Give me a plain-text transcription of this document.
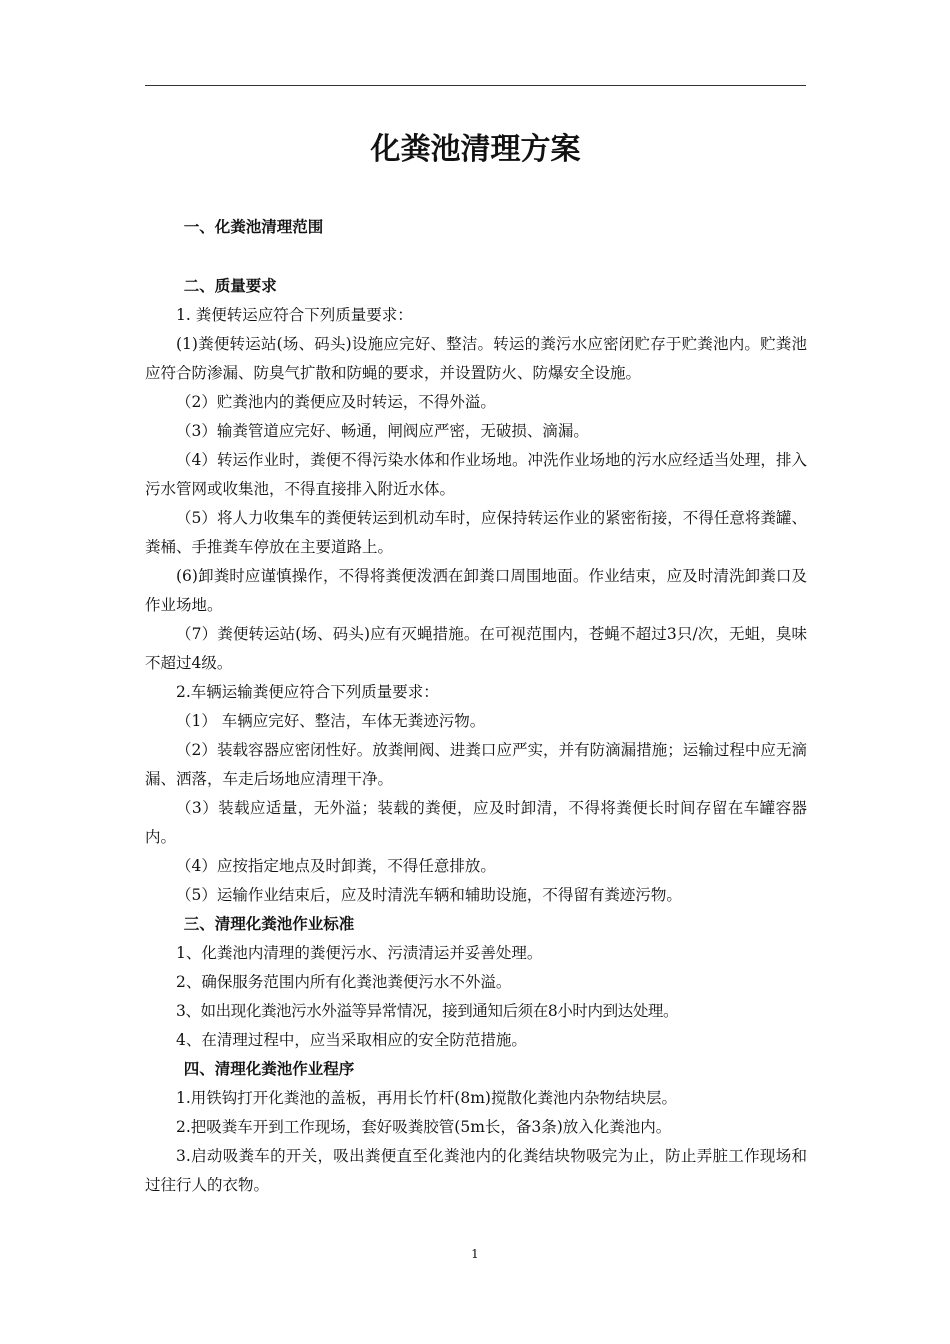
化粪池清理方案

一、化粪池清理范围

二、质量要求

1. 粪便转运应符合下列质量要求：

(1)粪便转运站(场、码头)设施应完好、整洁。转运的粪污水应密闭贮存于贮粪池内。贮粪池应符合防渗漏、防臭气扩散和防蝇的要求，并设置防火、防爆安全设施。

（2）贮粪池内的粪便应及时转运，不得外溢。

（3）输粪管道应完好、畅通，闸阀应严密，无破损、滴漏。

（4）转运作业时，粪便不得污染水体和作业场地。冲洗作业场地的污水应经适当处理，排入污水管网或收集池，不得直接排入附近水体。

（5）将人力收集车的粪便转运到机动车时，应保持转运作业的紧密衔接，不得任意将粪罐、粪桶、手推粪车停放在主要道路上。

(6)卸粪时应谨慎操作，不得将粪便泼洒在卸粪口周围地面。作业结束，应及时清洗卸粪口及作业场地。

（7）粪便转运站(场、码头)应有灭蝇措施。在可视范围内，苍蝇不超过3只/次，无蛆，臭味不超过4级。

2.车辆运输粪便应符合下列质量要求：

（1） 车辆应完好、整洁，车体无粪迹污物。

（2）装载容器应密闭性好。放粪闸阀、进粪口应严实，并有防滴漏措施；运输过程中应无滴漏、洒落，车走后场地应清理干净。

（3）装载应适量，无外溢；装载的粪便，应及时卸清，不得将粪便长时间存留在车罐容器内。

（4）应按指定地点及时卸粪，不得任意排放。

（5）运输作业结束后，应及时清洗车辆和辅助设施，不得留有粪迹污物。

三、清理化粪池作业标准

1、化粪池内清理的粪便污水、污渍清运并妥善处理。

2、确保服务范围内所有化粪池粪便污水不外溢。

3、如出现化粪池污水外溢等异常情况，接到通知后须在8小时内到达处理。

4、在清理过程中，应当采取相应的安全防范措施。

四、清理化粪池作业程序

1.用铁钩打开化粪池的盖板，再用长竹杆(8m)搅散化粪池内杂物结块层。

2.把吸粪车开到工作现场，套好吸粪胶管(5m长，备3条)放入化粪池内。

3.启动吸粪车的开关，吸出粪便直至化粪池内的化粪结块物吸完为止，防止弄脏工作现场和过往行人的衣物。

1
